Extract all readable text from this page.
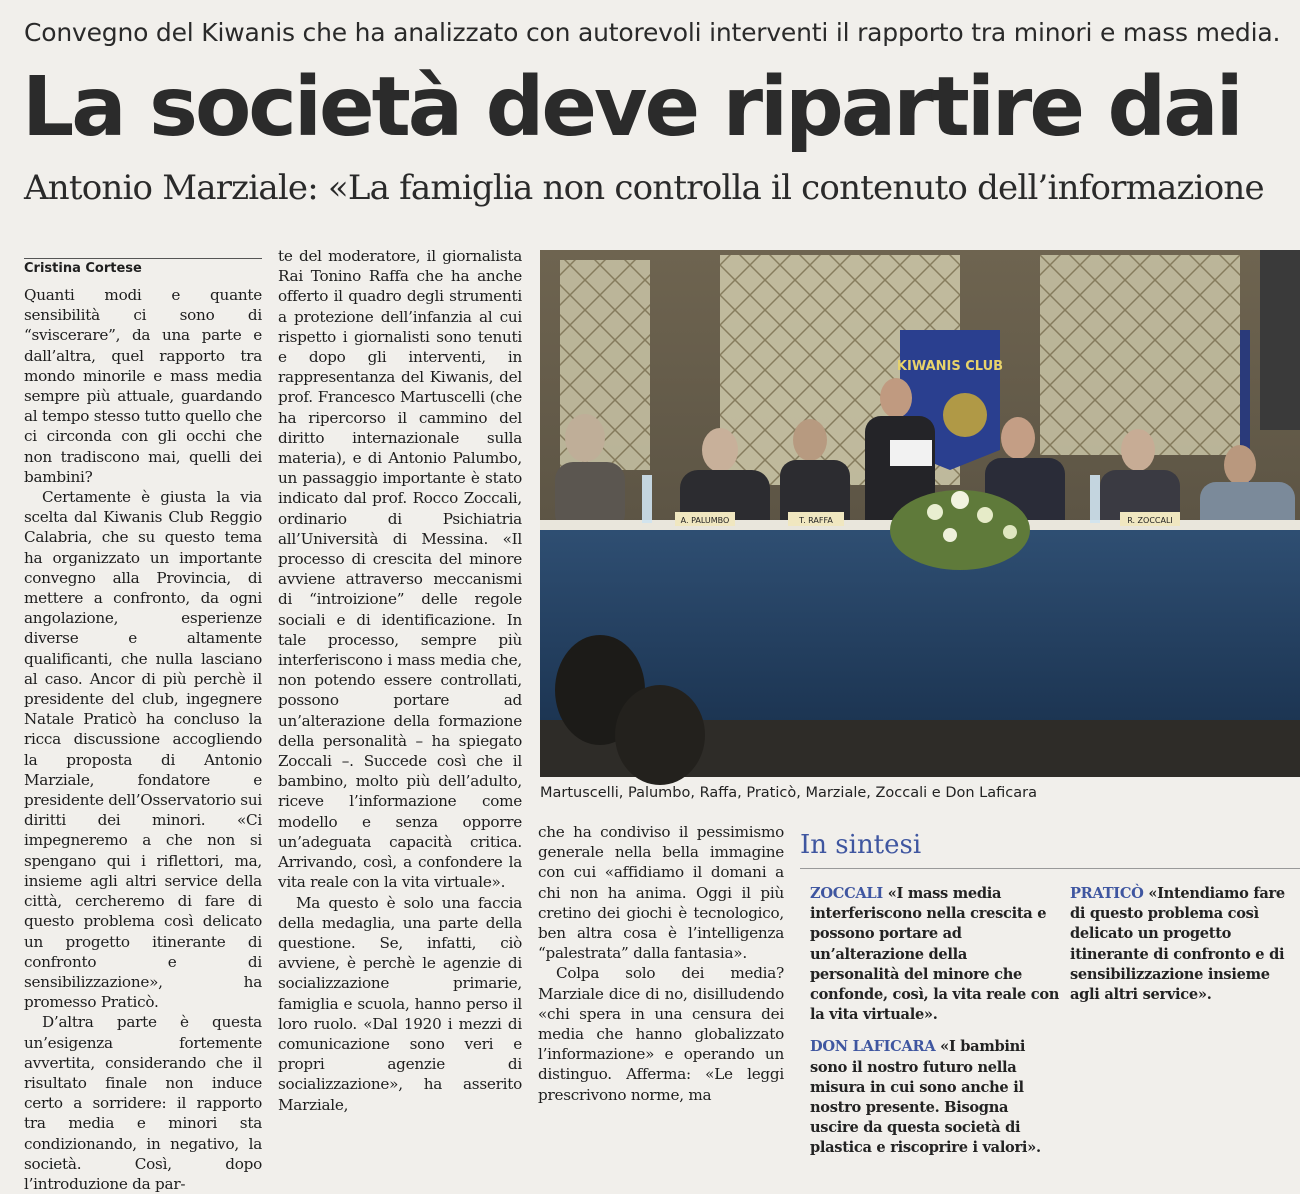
Convegno del Kiwanis che ha analizzato con autorevoli interventi il rapporto tra minori e mass media.
La società deve ripartire dai
Antonio Marziale: «La famiglia non controlla il contenuto dell’informazione
Cristina Cortese

Quanti modi e quante sensibilità ci sono di “sviscerare”, da una parte e dall’altra, quel rapporto tra mondo minorile e mass media sempre più attuale, guardando al tempo stesso tutto quello che ci circonda con gli occhi che non tradiscono mai, quelli dei bambini?

Certamente è giusta la via scelta dal Kiwanis Club Reggio Calabria, che su questo tema ha organizzato un importante convegno alla Provincia, di mettere a confronto, da ogni angolazione, esperienze diverse e altamente qualificanti, che nulla lasciano al caso. Ancor di più perchè il presidente del club, ingegnere Natale Praticò ha concluso la ricca discussione accogliendo la proposta di Antonio Marziale, fondatore e presidente dell’Osservatorio sui diritti dei minori. «Ci impegneremo a che non si spengano qui i riflettori, ma, insieme agli altri service della città, cercheremo di fare di questo problema così delicato un progetto itinerante di confronto e di sensibilizzazione», ha promesso Praticò.

D’altra parte è questa un’esigenza fortemente avvertita, considerando che il risultato finale non induce certo a sorridere: il rapporto tra media e minori sta condizionando, in negativo, la società. Così, dopo l’introduzione da par-

te del moderatore, il giornalista Rai Tonino Raffa che ha anche offerto il quadro degli strumenti a protezione dell’infanzia al cui rispetto i giornalisti sono tenuti e dopo gli interventi, in rappresentanza del Kiwanis, del prof. Francesco Martuscelli (che ha ripercorso il cammino del diritto internazionale sulla materia), e di Antonio Palumbo, un passaggio importante è stato indicato dal prof. Rocco Zoccali, ordinario di Psichiatria all’Università di Messina. «Il processo di crescita del minore avviene attraverso meccanismi di “introizione” delle regole sociali e di identificazione. In tale processo, sempre più interferiscono i mass media che, non potendo essere controllati, possono portare ad un’alterazione della formazione della personalità – ha spiegato Zoccali –. Succede così che il bambino, molto più dell’adulto, riceve l’informazione come modello e senza opporre un’adeguata capacità critica. Arrivando, così, a confondere la vita reale con la vita virtuale».

Ma questo è solo una faccia della medaglia, una parte della questione. Se, infatti, ciò avviene, è perchè le agenzie di socializzazione primarie, famiglia e scuola, hanno perso il loro ruolo. «Dal 1920 i mezzi di comunicazione sono veri e propri agenzie di socializzazione», ha asserito Marziale,

KIWANIS CLUB
A. PALUMBO	T. RAFFA	R. ZOCCALI
Martuscelli, Palumbo, Raffa, Praticò, Marziale, Zoccali e Don Laficara

che ha condiviso il pessimismo generale nella bella immagine con cui «affidiamo il domani a chi non ha anima. Oggi il più cretino dei giochi è tecnologico, ben altra cosa è l’intelligenza “palestrata” dalla fantasia».

Colpa solo dei media? Marziale dice di no, disilludendo «chi spera in una censura dei media che hanno globalizzato l’informazione» e operando un distinguo. Afferma: «Le leggi prescrivono norme, ma

In sintesi
ZOCCALI «I mass media interferiscono nella crescita e possono portare ad un’alterazione della personalità del minore che confonde, così, la vita reale con la vita virtuale».
DON LAFICARA «I bambini sono il nostro futuro nella misura in cui sono anche il nostro presente. Bisogna uscire da questa società di plastica e riscoprire i valori».
PRATICÒ «Intendiamo fare di questo problema così delicato un progetto itinerante di confronto e di sensibilizzazione insieme agli altri service».
